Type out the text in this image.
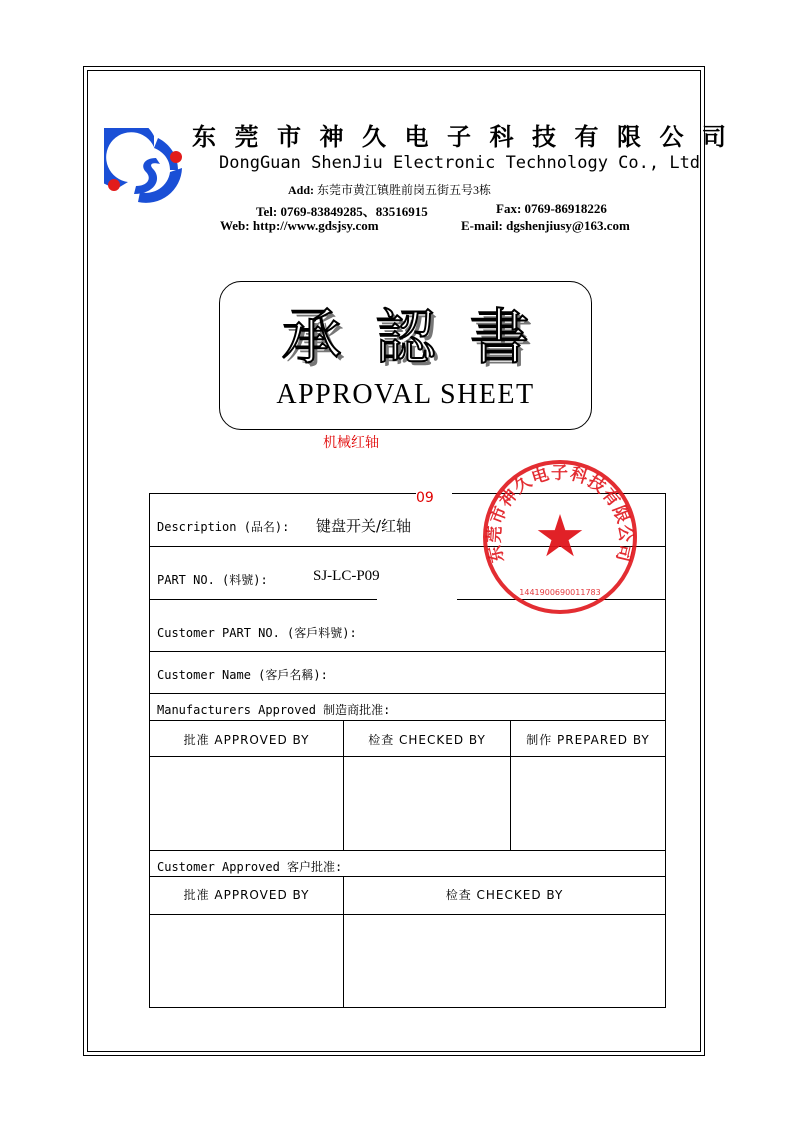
东莞市神久电子科技有限公司
DongGuan ShenJiu Electronic Technology Co., Ltd
Add: 东莞市黄江镇胜前岗五街五号3栋
Tel: 0769-83849285、83516915	Fax: 0769-86918226
Web: http://www.gdsjsy.com	E-mail: dgshenjiusy@163.com
承認書
APPROVAL SHEET
机械红轴
09
Description (品名): 键盘开关/红轴
PART NO. (料號):	SJ-LC-P09
Customer PART NO. (客戶料號):
Customer Name (客戶名稱):
Manufacturers Approved 制造商批准:
批准 APPROVED BY	检查 CHECKED BY	制作 PREPARED BY
Customer Approved 客户批准:
批准 APPROVED BY	检查 CHECKED BY
东莞市神久电子科技有限公司
★
1441900690011783
